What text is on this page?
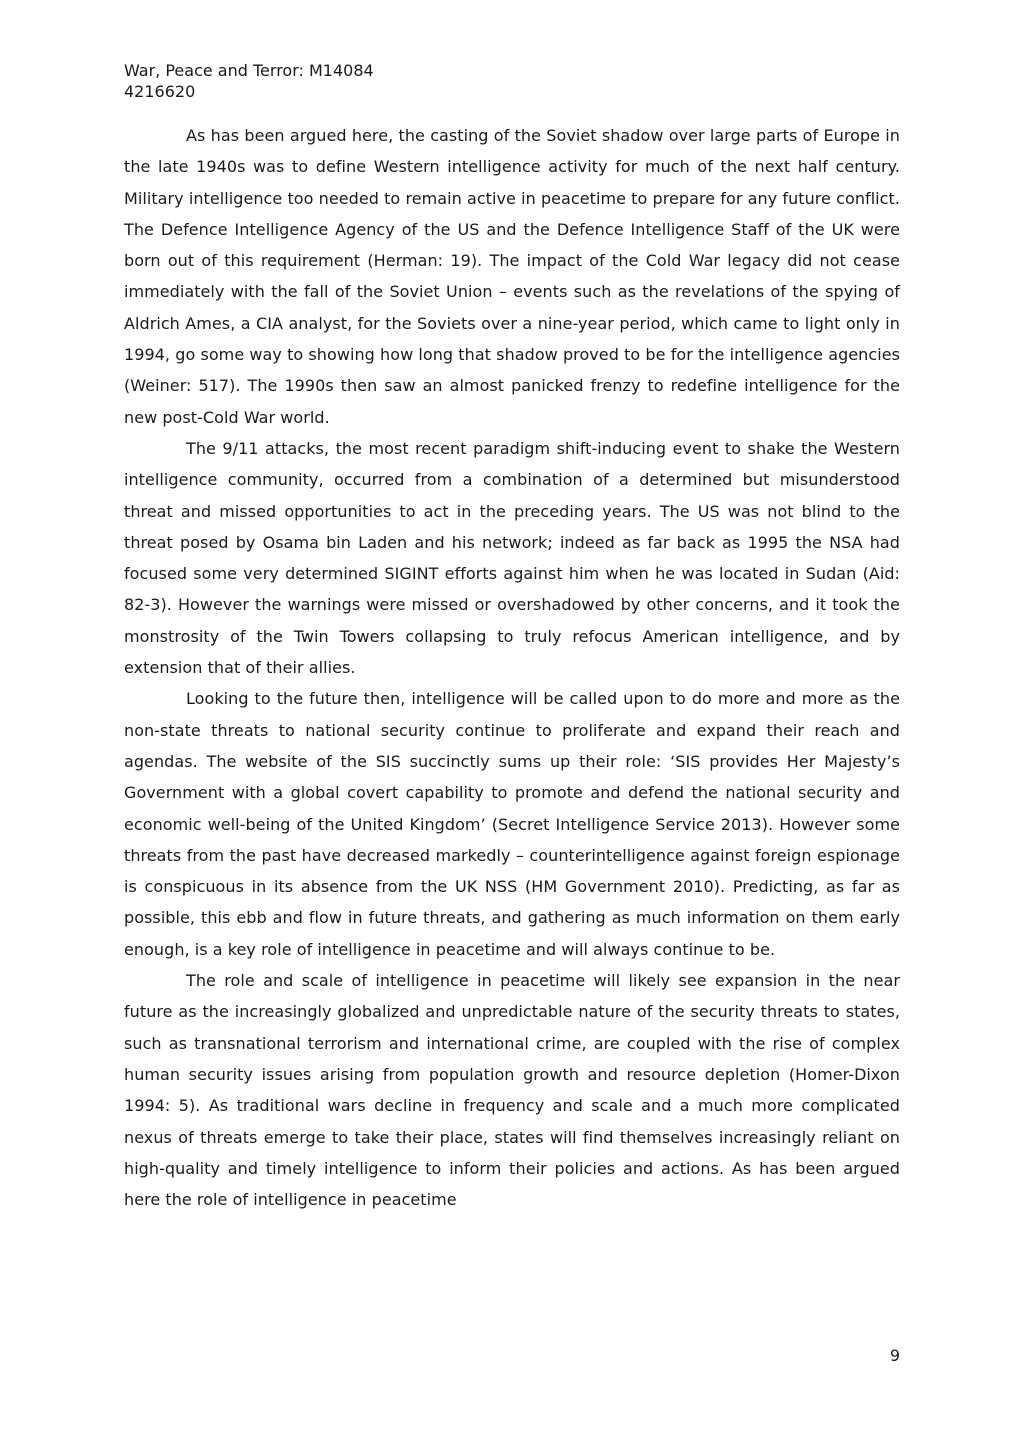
War, Peace and Terror: M14084
4216620

As has been argued here, the casting of the Soviet shadow over large parts of Europe in the late 1940s was to define Western intelligence activity for much of the next half century. Military intelligence too needed to remain active in peacetime to prepare for any future conflict. The Defence Intelligence Agency of the US and the Defence Intelligence Staff of the UK were born out of this requirement (Herman: 19). The impact of the Cold War legacy did not cease immediately with the fall of the Soviet Union – events such as the revelations of the spying of Aldrich Ames, a CIA analyst, for the Soviets over a nine-year period, which came to light only in 1994, go some way to showing how long that shadow proved to be for the intelligence agencies (Weiner: 517). The 1990s then saw an almost panicked frenzy to redefine intelligence for the new post-Cold War world.

The 9/11 attacks, the most recent paradigm shift-inducing event to shake the Western intelligence community, occurred from a combination of a determined but misunderstood threat and missed opportunities to act in the preceding years. The US was not blind to the threat posed by Osama bin Laden and his network; indeed as far back as 1995 the NSA had focused some very determined SIGINT efforts against him when he was located in Sudan (Aid: 82-3). However the warnings were missed or overshadowed by other concerns, and it took the monstrosity of the Twin Towers collapsing to truly refocus American intelligence, and by extension that of their allies.

Looking to the future then, intelligence will be called upon to do more and more as the non-state threats to national security continue to proliferate and expand their reach and agendas. The website of the SIS succinctly sums up their role: ‘SIS provides Her Majesty’s Government with a global covert capability to promote and defend the national security and economic well-being of the United Kingdom’ (Secret Intelligence Service 2013). However some threats from the past have decreased markedly – counterintelligence against foreign espionage is conspicuous in its absence from the UK NSS (HM Government 2010). Predicting, as far as possible, this ebb and flow in future threats, and gathering as much information on them early enough, is a key role of intelligence in peacetime and will always continue to be.

The role and scale of intelligence in peacetime will likely see expansion in the near future as the increasingly globalized and unpredictable nature of the security threats to states, such as transnational terrorism and international crime, are coupled with the rise of complex human security issues arising from population growth and resource depletion (Homer-Dixon 1994: 5). As traditional wars decline in frequency and scale and a much more complicated nexus of threats emerge to take their place, states will find themselves increasingly reliant on high-quality and timely intelligence to inform their policies and actions. As has been argued here the role of intelligence in peacetime

9
